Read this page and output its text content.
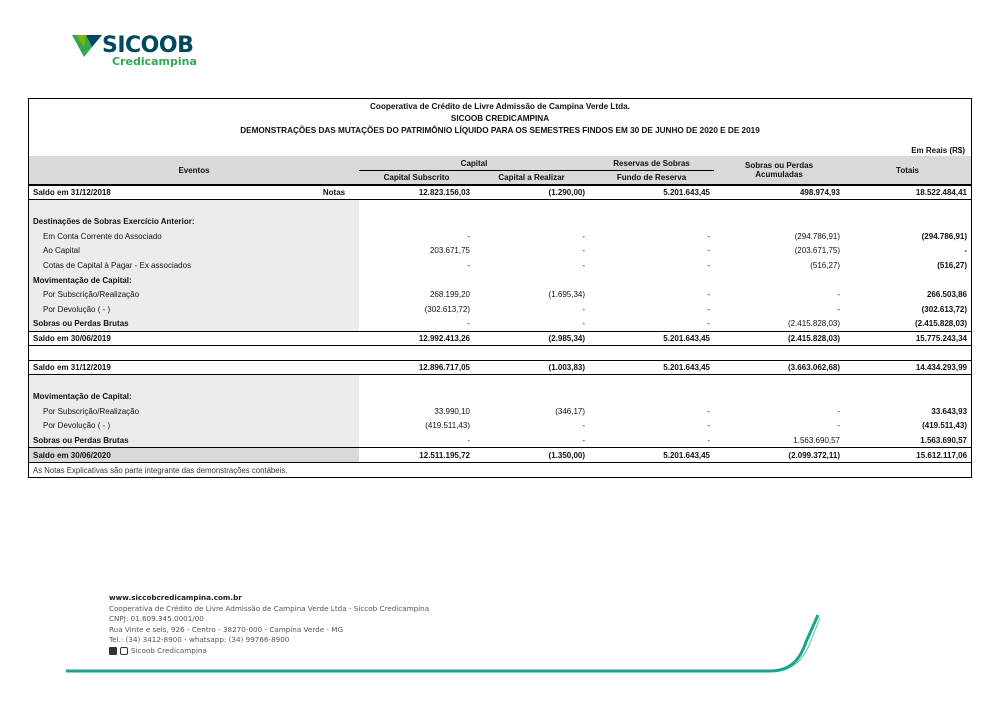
SICOOB
Credicampina
Cooperativa de Crédito de Livre Admissão de Campina Verde Ltda.
SICOOB CREDICAMPINA
DEMONSTRAÇÕES DAS MUTAÇÕES DO PATRIMÔNIO LÍQUIDO PARA OS SEMESTRES FINDOS EM 30 DE JUNHO DE 2020 E DE 2019
Em Reais (R$)
Eventos		Capital		Reservas de Sobras	Sobras ou Perdas
Acumuladas	Totais
		Capital Subscrito	Capital a Realizar	Fundo de Reserva		
Saldo em 31/12/2018	Notas	12.823.156,03	(1.290,00)	5.201.643,45	498.974,93	18.522.484,41

Destinações de Sobras Exercício Anterior:						
Em Conta Corrente do Associado		-	-	-	(294.786,91)	(294.786,91)
Ao Capital		203.671,75	-	-	(203.671,75)	-
Cotas de Capital à Pagar - Ex associados		-	-	-	(516,27)	(516,27)
Movimentação de Capital:						
Por Subscrição/Realização		268.199,20	(1.695,34)	-	-	266.503,86
Por Devolução ( - )		(302.613,72)	-	-	-	(302.613,72)
Sobras ou Perdas Brutas		-	-	-	(2.415.828,03)	(2.415.828,03)
Saldo em 30/06/2019		12.992.413,26	(2.985,34)	5.201.643,45	(2.415.828,03)	15.775.243,34

Saldo em 31/12/2019		12.896.717,05	(1.003,83)	5.201.643,45	(3.663.062,68)	14.434.293,99

Movimentação de Capital:						
Por Subscrição/Realização		33.990,10	(346,17)	-	-	33.643,93
Por Devolução ( - )		(419.511,43)	-	-	-	(419.511,43)
Sobras ou Perdas Brutas		-	-	-	1.563.690,57	1.563.690,57
Saldo em 30/06/2020		12.511.195,72	(1.350,00)	5.201.643,45	(2.099.372,11)	15.612.117,06
As Notas Explicativas são parte integrante das demonstrações contábeis.						
www.siccobcredicampina.com.br
Cooperativa de Crédito de Livre Admissão de Campina Verde Ltda - Siccob Credicampina
CNPJ: 01.609.345.0001/00
Rua Vinte e seis, 926 - Centro - 38270-000 - Campina Verde - MG
Tel.: (34) 3412-8900 - whatsapp: (34) 99766-8900
Sicoob Credicampina
